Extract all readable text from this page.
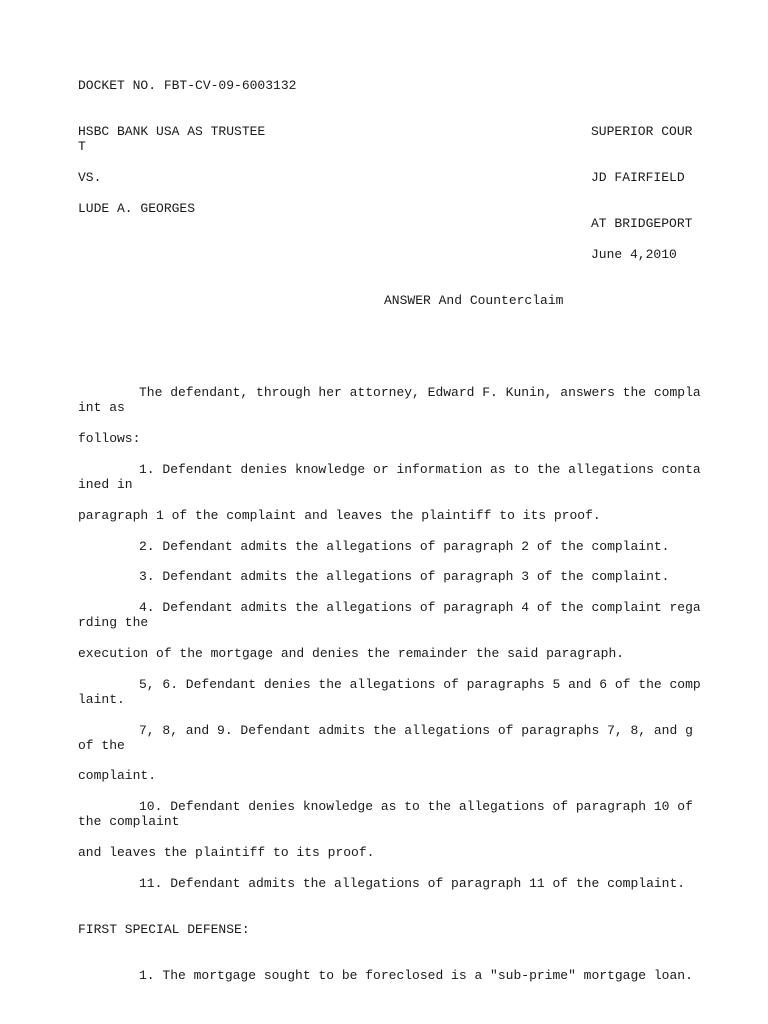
DOCKET NO. FBT-CV-09-6003132

HSBC BANK USA AS TRUSTEE	SUPERIOR COUR

T

VS.	JD FAIRFIELD

LUDE A. GEORGES

AT BRIDGEPORT

June 4,2010

ANSWER And Counterclaim

The defendant, through her attorney, Edward F. Kunin, answers the compla

int as

follows:

1. Defendant denies knowledge or information as to the allegations conta

ined in

paragraph 1 of the complaint and leaves the plaintiff to its proof.

2. Defendant admits the allegations of paragraph 2 of the complaint.

3. Defendant admits the allegations of paragraph 3 of the complaint.

4. Defendant admits the allegations of paragraph 4 of the complaint rega

rding the

execution of the mortgage and denies the remainder the said paragraph.

5, 6. Defendant denies the allegations of paragraphs 5 and 6 of the comp

laint.

7, 8, and 9. Defendant admits the allegations of paragraphs 7, 8, and g

of the

complaint.

10. Defendant denies knowledge as to the allegations of paragraph 10 of

the complaint

and leaves the plaintiff to its proof.

11. Defendant admits the allegations of paragraph 11 of the complaint.

FIRST SPECIAL DEFENSE:

1. The mortgage sought to be foreclosed is a "sub-prime" mortgage loan.
